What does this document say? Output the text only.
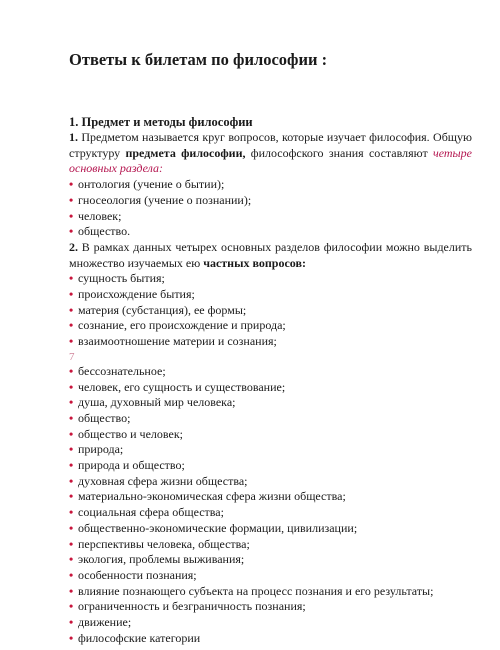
Ответы к билетам по философии :
1. Предмет и методы философии

1. Предметом называется круг вопросов, которые изучает философия. Общую структуру предмета философии, философского знания составляют четыре основных раздела:

• онтология (учение о бытии);
• гносеология (учение о познании);
• человек;
• общество.

2. В рамках данных четырех основных разделов философии можно выделить множество изучаемых ею частных вопросов:

• сущность бытия;
• происхождение бытия;
• материя (субстанция), ее формы;
• сознание, его происхождение и природа;
• взаимоотношение материи и сознания;
7
• бессознательное;
• человек, его сущность и существование;
• душа, духовный мир человека;
• общество;
• общество и человек;
• природа;
• природа и общество;
• духовная сфера жизни общества;
• материально-экономическая сфера жизни общества;
• социальная сфера общества;
• общественно-экономические формации, цивилизации;
• перспективы человека, общества;
• экология, проблемы выживания;
• особенности познания;
• влияние познающего субъекта на процесс познания и его результаты;
• ограниченность и безграничность познания;
• движение;
• философские категории
